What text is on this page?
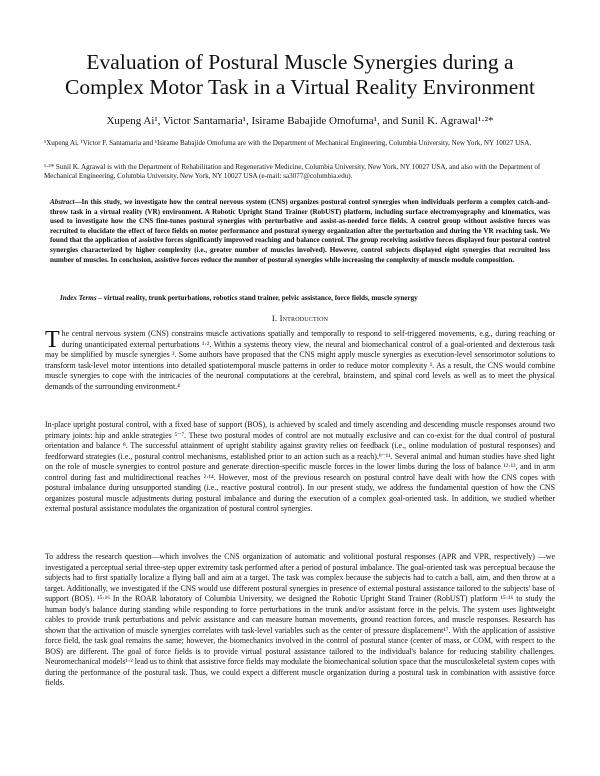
Evaluation of Postural Muscle Synergies during a
Complex Motor Task in a Virtual Reality Environment
Xupeng Ai¹, Victor Santamaria¹, Isirame Babajide Omofuma¹, and Sunil K. Agrawal¹·²*

¹Xupeng Ai, ¹Victor F. Santamaria and ¹Isirame Babajide Omofuma are with the Department of Mechanical Engineering, Columbia University, New York, NY 10027 USA.

¹·²* Sunil K. Agrawal is with the Department of Rehabilitation and Regenerative Medicine, Columbia University, New York, NY 10027 USA, and also with the Department of Mechanical Engineering, Columbia University, New York, NY 10027 USA (e-mail: sa3077@columbia.edu).

Abstract—In this study, we investigate how the central nervous system (CNS) organizes postural control synergies when individuals perform a complex catch-and-throw task in a virtual reality (VR) environment. A Robotic Upright Stand Trainer (RobUST) platform, including surface electromyography and kinematics, was used to investigate how the CNS fine-tunes postural synergies with perturbative and assist-as-needed force fields. A control group without assistive forces was recruited to elucidate the effect of force fields on motor performance and postural synergy organization after the perturbation and during the VR reaching task. We found that the application of assistive forces significantly improved reaching and balance control. The group receiving assistive forces displayed four postural control synergies characterized by higher complexity (i.e., greater number of muscles involved). However, control subjects displayed eight synergies that recruited less number of muscles. In conclusion, assistive forces reduce the number of postural synergies while increasing the complexity of muscle module composition.

Index Terms – virtual reality, trunk perturbations, robotics stand trainer, pelvic assistance, force fields, muscle synergy

I. Introduction

The central nervous system (CNS) constrains muscle activations spatially and temporally to respond to self-triggered movements, e.g., during reaching or during unanticipated external perturbations ¹·². Within a systems theory view, the neural and biomechanical control of a goal-oriented and dexterous task may be simplified by muscle synergies ³. Some authors have proposed that the CNS might apply muscle synergies as execution-level sensorimotor solutions to transform task-level motor intentions into detailed spatiotemporal muscle patterns in order to reduce motor complexity ¹. As a result, the CNS would combine muscle synergies to cope with the intricacies of the neuronal computations at the cerebral, brainstem, and spinal cord levels as well as to meet the physical demands of the surrounding environment.⁴

In-place upright postural control, with a fixed base of support (BOS), is achieved by scaled and timely ascending and descending muscle responses around two primary joints: hip and ankle strategies ⁵⁻⁷. These two postural modes of control are not mutually exclusive and can co-exist for the dual control of postural orientation and balance ⁸. The successful attainment of upright stability against gravity relies on feedback (i.e., online modulation of postural responses) and feedforward strategies (i.e., postural control mechanisms, established prior to an action such as a reach).⁹⁻¹¹. Several animal and human studies have shed light on the role of muscle synergies to control posture and generate direction-specific muscle forces in the lower limbs during the loss of balance ¹²·¹³, and in arm control during fast and multidirectional reaches ²·¹⁴. However, most of the previous research on postural control have dealt with how the CNS copes with postural imbalance during unsupported standing (i.e., reactive postural control). In our present study, we address the fundamental question of how the CNS organizes postural muscle adjustments during postural imbalance and during the execution of a complex goal-oriented task. In addition, we studied whether external postural assistance modulates the organization of postural control synergies.

To address the research question—which involves the CNS organization of automatic and volitional postural responses (APR and VPR, respectively) —we investigated a perceptual serial three-step upper extremity task performed after a period of postural imbalance. The goal-oriented task was perceptual because the subjects had to first spatially localize a flying ball and aim at a target. The task was complex because the subjects had to catch a ball, aim, and then throw at a target. Additionally, we investigated if the CNS would use different postural synergies in presence of external postural assistance tailored to the subjects' base of support (BOS). ¹⁵·¹⁶ In the ROAR laboratory of Columbia University, we designed the Robotic Upright Stand Trainer (RobUST) platform ¹⁵·¹⁶ to study the human body's balance during standing while responding to force perturbations in the trunk and/or assistant force in the pelvis. The system uses lightweight cables to provide trunk perturbations and pelvic assistance and can measure human movements, ground reaction forces, and muscle responses. Research has shown that the activation of muscle synergies correlates with task-level variables such as the center of pressure displacement¹⁷. With the application of assistive force field, the task goal remains the same; however, the biomechanics involved in the control of postural stance (center of mass, or COM, with respect to the BOS) are different. The goal of force fields is to provide virtual postural assistance tailored to the individual's balance for reducing stability challenges. Neuromechanical models¹·² lead us to think that assistive force fields may modulate the biomechanical solution space that the musculoskeletal system copes with during the performance of the postural task. Thus, we could expect a different muscle organization during a postural task in combination with assistive force fields.
